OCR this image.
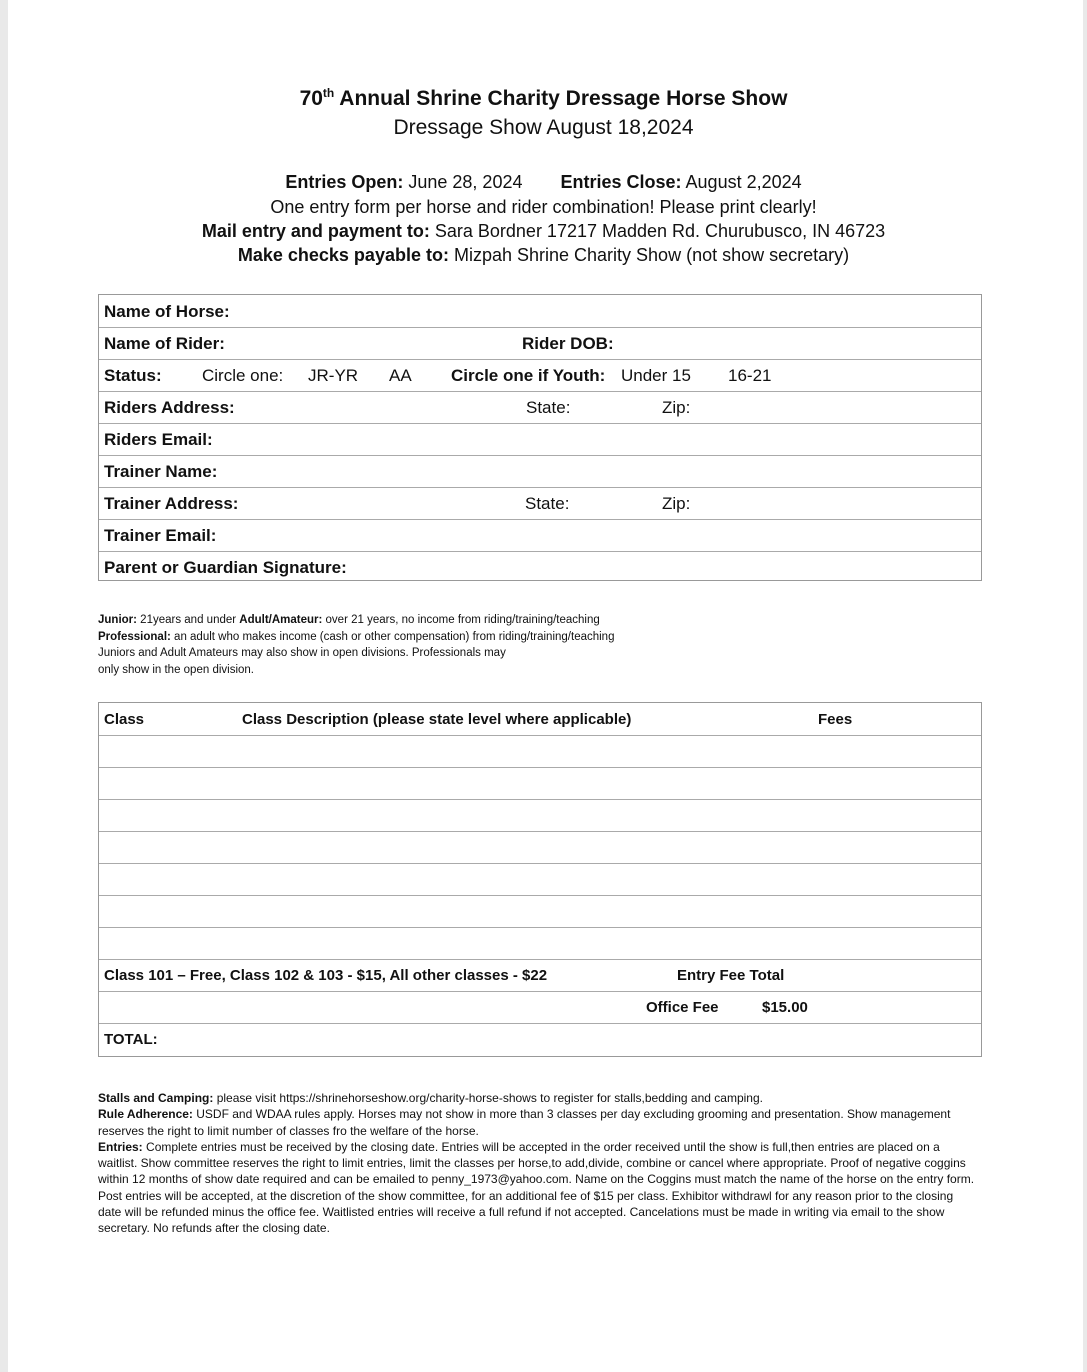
70th Annual Shrine Charity Dressage Horse Show
Dressage Show August 18,2024
Entries Open: June 28, 2024 Entries Close: August 2,2024
One entry form per horse and rider combination! Please print clearly!
Mail entry and payment to: Sara Bordner 17217 Madden Rd. Churubusco, IN 46723
Make checks payable to: Mizpah Shrine Charity Show (not show secretary)
Name of Horse:
Name of Rider:	Rider DOB:
Status: Circle one: JR-YR AA Circle one if Youth: Under 15 16-21
Riders Address:	State:	Zip:
Riders Email:
Trainer Name:
Trainer Address:	State:	Zip:
Trainer Email:
Parent or Guardian Signature:
Junior: 21years and under Adult/Amateur: over 21 years, no income from riding/training/teaching
Professional: an adult who makes income (cash or other compensation) from riding/training/teaching
Juniors and Adult Amateurs may also show in open divisions. Professionals may
only show in the open division.
Class	Class Description (please state level where applicable)	Fees
Class 101 – Free, Class 102 & 103 - $15, All other classes - $22	Entry Fee Total
Office Fee	$15.00
TOTAL:

Stalls and Camping: please visit https://shrinehorseshow.org/charity-horse-shows to register for stalls,bedding and camping.

Rule Adherence: USDF and WDAA rules apply. Horses may not show in more than 3 classes per day excluding grooming and presentation. Show management reserves the right to limit number of classes fro the welfare of the horse.

Entries: Complete entries must be received by the closing date. Entries will be accepted in the order received until the show is full,then entries are placed on a waitlist. Show committee reserves the right to limit entries, limit the classes per horse,to add,divide, combine or cancel where appropriate. Proof of negative coggins within 12 months of show date required and can be emailed to penny_1973@yahoo.com. Name on the Coggins must match the name of the horse on the entry form. Post entries will be accepted, at the discretion of the show committee, for an additional fee of $15 per class. Exhibitor withdrawl for any reason prior to the closing date will be refunded minus the office fee. Waitlisted entries will receive a full refund if not accepted. Cancelations must be made in writing via email to the show secretary. No refunds after the closing date.
